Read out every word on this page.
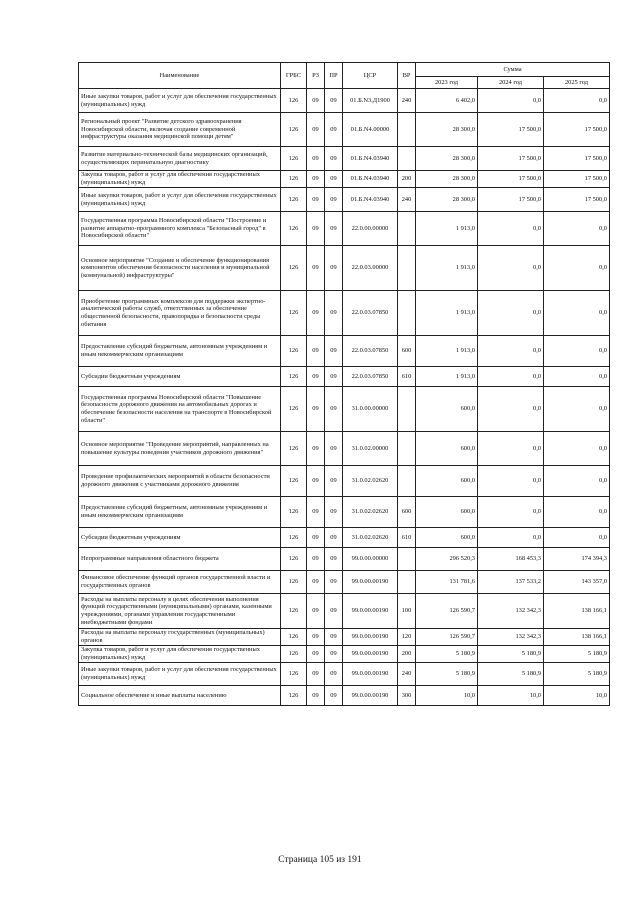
Наименование	ГРБС	РЗ	ПР	ЦСР	ВР	Сумма		
						2023 год	2024 год	2025 год
Иные закупки товаров, работ и услуг для обеспечения государственных (муниципальных) нужд	126	09	09	01.Б.N3.Д1900	240	6 402,0	0,0	0,0
Региональный проект "Развитие детского здравоохранения Новосибирской области, включая создание современной инфраструктуры оказания медицинской помощи детям"	126	09	09	01.Б.N4.00000		28 300,0	17 500,0	17 500,0
Развитие материально-технической базы медицинских организаций, осуществляющих перинатальную диагностику	126	09	09	01.Б.N4.03940		28 300,0	17 500,0	17 500,0
Закупка товаров, работ и услуг для обеспечения государственных (муниципальных) нужд	126	09	09	01.Б.N4.03940	200	28 300,0	17 500,0	17 500,0
Иные закупки товаров, работ и услуг для обеспечения государственных (муниципальных) нужд	126	09	09	01.Б.N4.03940	240	28 300,0	17 500,0	17 500,0
Государственная программа Новосибирской области "Построение и развитие аппаратно-программного комплекса "Безопасный город" в Новосибирской области"	126	09	09	22.0.00.00000		1 913,0	0,0	0,0
Основное мероприятие "Создание и обеспечение функционирования компонентов обеспечения безопасности населения и муниципальной (коммунальной) инфраструктуры"	126	09	09	22.0.03.00000		1 913,0	0,0	0,0
Приобретение программных комплексов для поддержки экспертно-аналитической работы служб, ответственных за обеспечение общественной безопасности, правопорядка и безопасности среды обитания	126	09	09	22.0.03.07850		1 913,0	0,0	0,0
Предоставление субсидий бюджетным, автономным учреждениям и иным некоммерческим организациям	126	09	09	22.0.03.07850	600	1 913,0	0,0	0,0
Субсидии бюджетным учреждениям	126	09	09	22.0.03.07850	610	1 913,0	0,0	0,0
Государственная программа Новосибирской области "Повышение безопасности дорожного движения на автомобильных дорогах и обеспечение безопасности населения на транспорте в Новосибирской области"	126	09	09	31.0.00.00000		600,0	0,0	0,0
Основное мероприятие "Проведение мероприятий, направленных на повышение культуры поведения участников дорожного движения"	126	09	09	31.0.02.00000		600,0	0,0	0,0
Проведение профилактических мероприятий в области безопасности дорожного движения с участниками дорожного движения	126	09	09	31.0.02.02620		600,0	0,0	0,0
Предоставление субсидий бюджетным, автономным учреждениям и иным некоммерческим организациям	126	09	09	31.0.02.02620	600	600,0	0,0	0,0
Субсидии бюджетным учреждениям	126	09	09	31.0.02.02620	610	600,0	0,0	0,0
Непрограммные направления областного бюджета	126	09	09	99.0.00.00000		296 520,3	168 453,3	174 394,3
Финансовое обеспечение функций органов государственной власти и государственных органов	126	09	09	99.0.00.00190		131 781,6	137 533,2	143 357,0
Расходы на выплаты персоналу в целях обеспечения выполнения функций государственными (муниципальными) органами, казенными учреждениями, органами управления государственными внебюджетными фондами	126	09	09	99.0.00.00190	100	126 590,7	132 342,3	138 166,1
Расходы на выплаты персоналу государственных (муниципальных) органов	126	09	09	99.0.00.00190	120	126 590,7	132 342,3	138 166,1
Закупка товаров, работ и услуг для обеспечения государственных (муниципальных) нужд	126	09	09	99.0.00.00190	200	5 180,9	5 180,9	5 180,9
Иные закупки товаров, работ и услуг для обеспечения государственных (муниципальных) нужд	126	09	09	99.0.00.00190	240	5 180,9	5 180,9	5 180,9
Социальное обеспечение и иные выплаты населению	126	09	09	99.0.00.00190	300	10,0	10,0	10,0
Страница 105 из 191
